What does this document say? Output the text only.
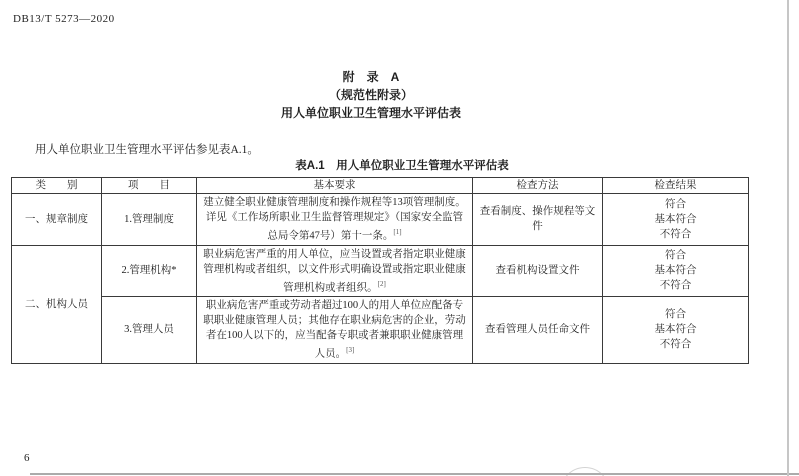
DB13/T 5273—2020
附　录　A
（规范性附录）
用人单位职业卫生管理水平评估表
用人单位职业卫生管理水平评估参见表A.1。
表A.1　用人单位职业卫生管理水平评估表
类　　别	项　　目	基本要求	检查方法	检查结果
一、规章制度	1.管理制度	建立健全职业健康管理制度和操作规程等13项管理制度。详见《工作场所职业卫生监督管理规定》（国家安全监管总局令第47号）第十一条。[1]	查看制度、操作规程等文件	符合
基本符合
不符合

二、机构人员	2.管理机构*	职业病危害严重的用人单位，应当设置或者指定职业健康管理机构或者组织，以文件形式明确设置或指定职业健康管理机构或者组织。[2]	查看机构设置文件	符合
基本符合
不符合

	3.管理人员	职业病危害严重或劳动者超过100人的用人单位应配备专职职业健康管理人员；其他存在职业病危害的企业，劳动者在100人以下的，应当配备专职或者兼职职业健康管理人员。[3]	查看管理人员任命文件	符合
基本符合
不符合
6
